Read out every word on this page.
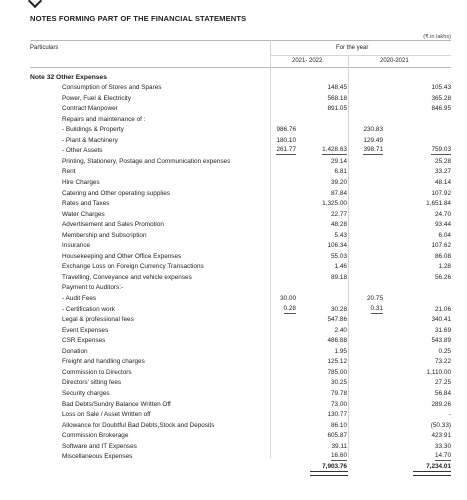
NOTES FORMING PART OF THE FINANCIAL STATEMENTS
(₹ in lakhs)
Particulars	For the year
2021- 2022	2020-2021
Note 32 Other Expenses
Consumption of Stores and Spares	148.45	105.43
Power, Fuel & Electricity	568.18	365.28
Contract Manpower	891.05	846.95
Repairs and maintenance of :
- Buildings & Property	986.76	230.83
- Plant & Machinery	180.10	129.49
- Other Assets	261.77	1,428.63	398.71	759.03
Printing, Stationery, Postage and Communication expenses	29.14	25.28
Rent	6.81	33.27
Hire Charges	39.20	48.14
Catering and Other operating supplies	87.84	107.92
Rates and Taxes	1,325.00	1,651.84
Water Charges	22.77	24.70
Advertisement and Sales Promotion	48.28	93.44
Membership and Subscription	5.43	6.04
Insurance	106.34	107.62
Housekeeping and Other Office Expenses	55.03	86.08
Exchange Loss on Foreign Currency Transactions	1.46	1.28
Travelling, Conveyance and vehicle expenses	89.18	56.26
Payment to Auditors:-
- Audit Fees	30.00	20.75
- Certification work	0.28	30.28	0.31	21.06
Legal & professional fees	547.86	340.41
Event Expenses	2.40	31.69
CSR Expenses	486.88	543.89
Donation	1.95	0.25
Freight and handling charges	125.12	73.22
Commission to Directors	785.00	1,110.00
Directors' sitting fees	30.25	27.25
Security charges	79.78	56.84
Bad Debts/Sundry Balance Written Off	73.00	289.26
Loss on Sale / Asset Written off	130.77	-
Allowance for Doubtful Bad Debts,Stock and Deposits	86.10	(50.33)
Commission Brokerage	605.87	423.91
Software and IT Expenses	39.11	33.30
Miscellaneous Expenses	16.60	14.70
7,903.76	7,234.01
